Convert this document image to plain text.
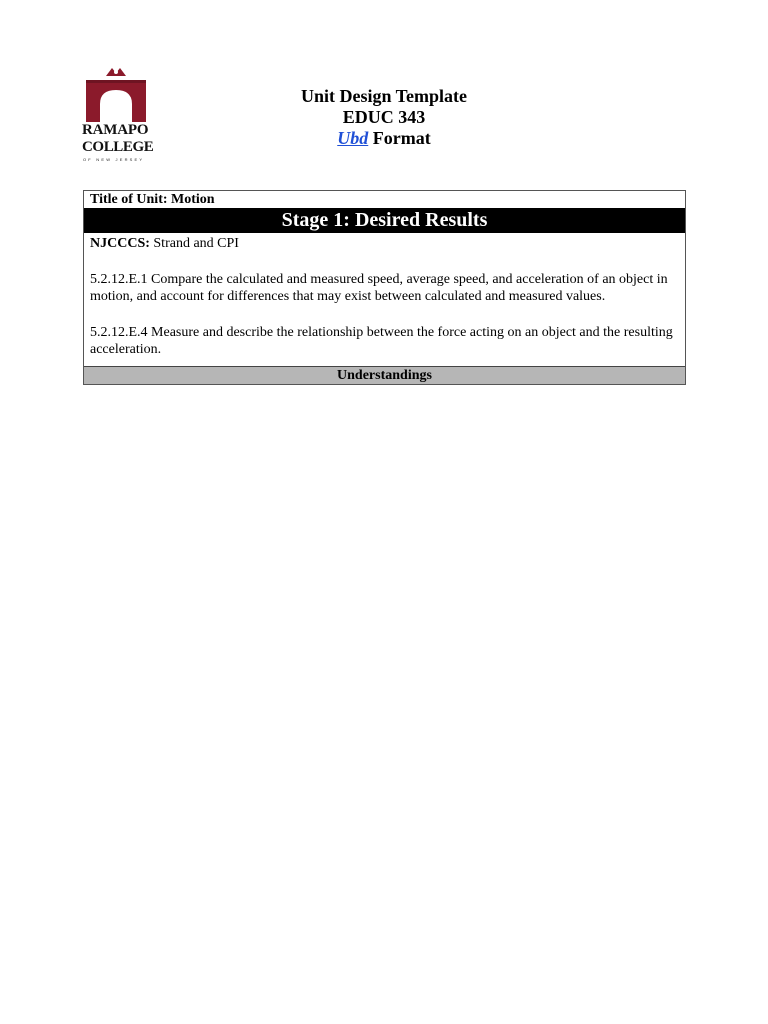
RAMAPO
COLLEGE
OF NEW JERSEY
Unit Design Template
EDUC 343
Ubd Format
Title of Unit: Motion
Stage 1: Desired Results

NJCCCS: Strand and CPI

5.2.12.E.1 Compare the calculated and measured speed, average speed, and acceleration of an object in motion, and account for differences that may exist between calculated and measured values.

5.2.12.E.4 Measure and describe the relationship between the force acting on an object and the resulting acceleration.

Understandings
